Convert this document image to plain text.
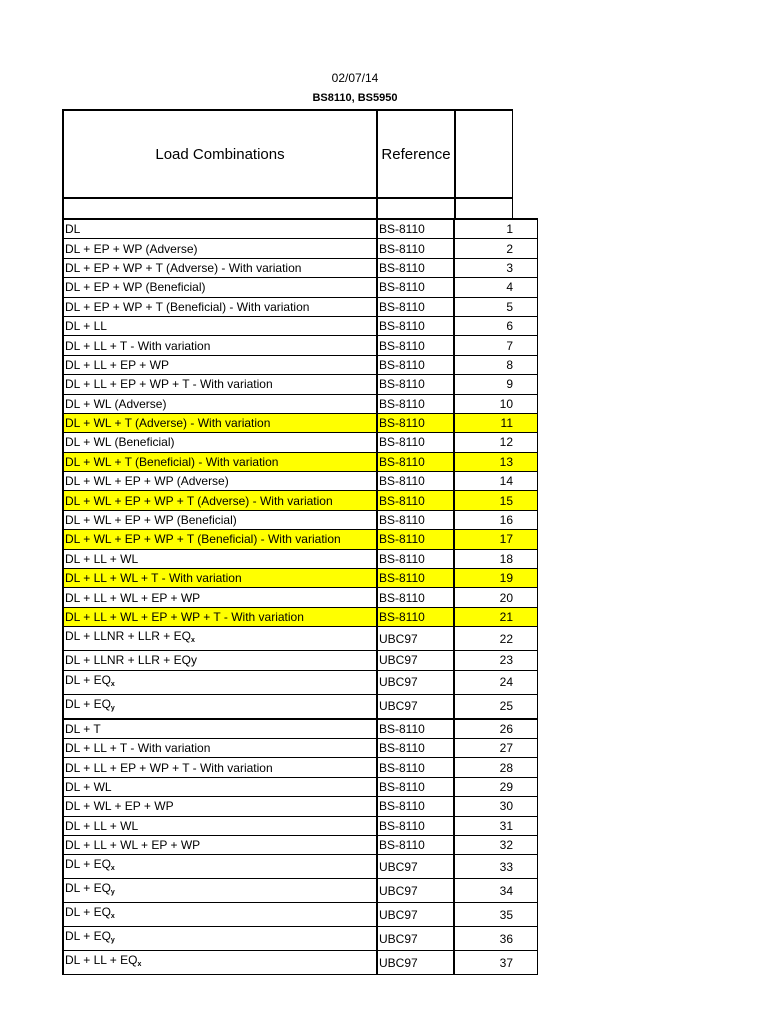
02/07/14
BS8110, BS5950
Load Combinations	Reference
DL	BS-8110	1
DL + EP + WP (Adverse)	BS-8110	2
DL + EP + WP + T (Adverse) - With variation	BS-8110	3
DL + EP + WP (Beneficial)	BS-8110	4
DL + EP + WP + T (Beneficial) - With variation	BS-8110	5
DL + LL	BS-8110	6
DL + LL + T - With variation	BS-8110	7
DL + LL + EP + WP	BS-8110	8
DL + LL + EP + WP + T - With variation	BS-8110	9
DL + WL (Adverse)	BS-8110	10
DL + WL + T (Adverse) - With variation	BS-8110	11
DL + WL (Beneficial)	BS-8110	12
DL + WL + T (Beneficial) - With variation	BS-8110	13
DL + WL + EP + WP (Adverse)	BS-8110	14
DL + WL + EP + WP + T (Adverse) - With variation	BS-8110	15
DL + WL + EP + WP (Beneficial)	BS-8110	16
DL + WL + EP + WP + T (Beneficial) - With variation	BS-8110	17
DL + LL + WL	BS-8110	18
DL + LL + WL + T - With variation	BS-8110	19
DL + LL + WL + EP + WP	BS-8110	20
DL + LL + WL + EP + WP + T - With variation	BS-8110	21
DL + LLNR + LLR + $EQ_x$	UBC97	22
DL + LLNR + LLR + EQy	UBC97	23
DL + $EQ_x$	UBC97	24
DL + $EQ_y$	UBC97	25
DL + T	BS-8110	26
DL + LL + T - With variation	BS-8110	27
DL + LL + EP + WP + T - With variation	BS-8110	28
DL + WL	BS-8110	29
DL + WL + EP + WP	BS-8110	30
DL + LL + WL	BS-8110	31
DL + LL + WL + EP + WP	BS-8110	32
DL + $EQ_x$	UBC97	33
DL + $EQ_y$	UBC97	34
DL + $EQ_x$	UBC97	35
DL + $EQ_y$	UBC97	36
DL + LL + $EQ_x$	UBC97	37
